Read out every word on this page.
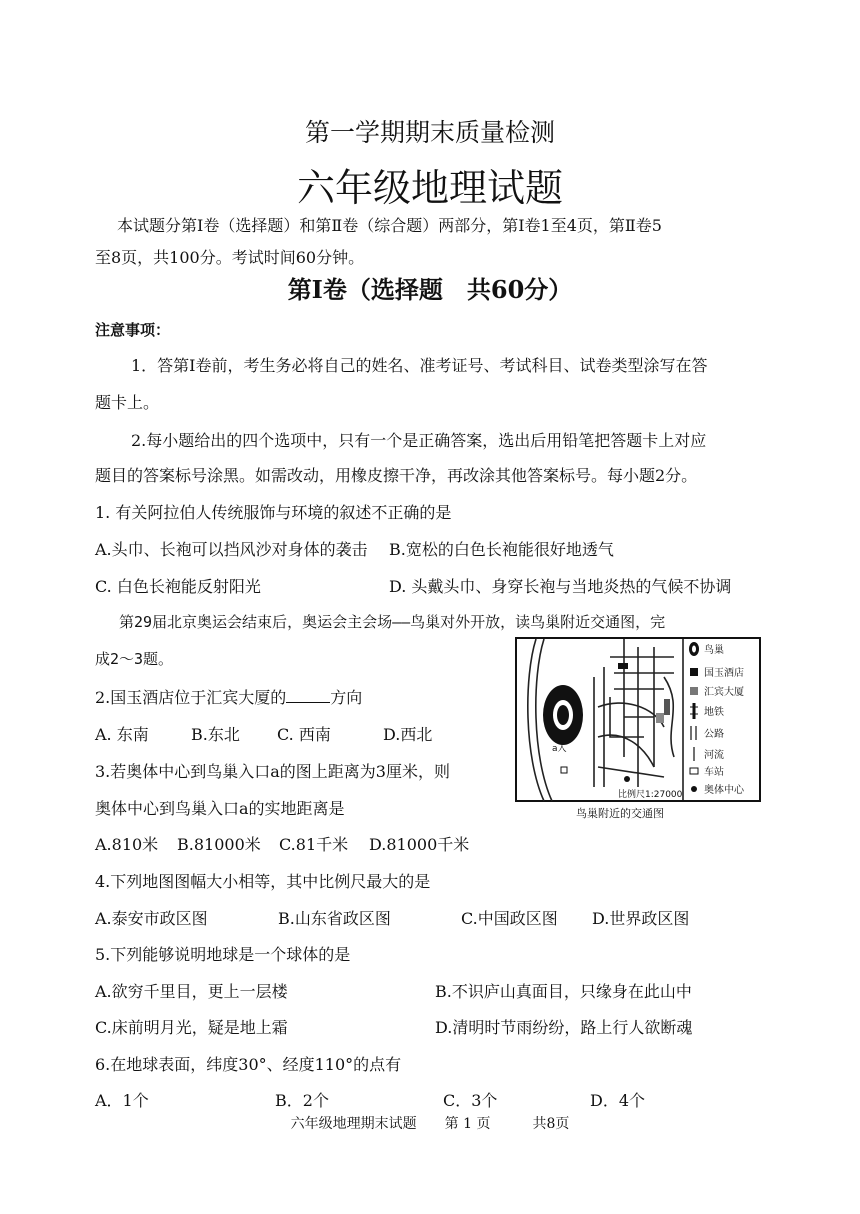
第一学期期末质量检测
六年级地理试题
本试题分第Ⅰ卷（选择题）和第Ⅱ卷（综合题）两部分，第Ⅰ卷1至4页，第Ⅱ卷5
至8页，共100分。考试时间60分钟。
第Ⅰ卷（选择题　共60分）
注意事项：
1．答第Ⅰ卷前，考生务必将自己的姓名、准考证号、考试科目、试卷类型涂写在答
题卡上。
2.每小题给出的四个选项中，只有一个是正确答案，选出后用铅笔把答题卡上对应
题目的答案标号涂黑。如需改动，用橡皮擦干净，再改涂其他答案标号。每小题2分。
1. 有关阿拉伯人传统服饰与环境的叙述不正确的是
A.头巾、长袍可以挡风沙对身体的袭击 B.宽松的白色长袍能很好地透气
C. 白色长袍能反射阳光	D. 头戴头巾、身穿长袍与当地炎热的气候不协调
第29届北京奥运会结束后，奥运会主会场——鸟巢对外开放，读鸟巢附近交通图，完
成2～3题。
2.国玉酒店位于汇宾大厦的	方向
A. 东南	B.东北 C. 西南	D.西北
3.若奥体中心到鸟巢入口a的图上距离为3厘米，则
奥体中心到鸟巢入口a的实地距离是
A.810米 B.81000米 C.81千米 D.81000千米
4.下列地图图幅大小相等，其中比例尺最大的是
A.泰安市政区图	B.山东省政区图	C.中国政区图 D.世界政区图
5.下列能够说明地球是一个球体的是
A.欲穷千里目，更上一层楼	B.不识庐山真面目，只缘身在此山中
C.床前明月光，疑是地上霜	D.清明时节雨纷纷，路上行人欲断魂
6.在地球表面，纬度30°、经度110°的点有
A．1个	B．2个	C．3个	D．4个
a入
比例尺1:27000
鸟巢
国玉酒店
汇宾大厦
地铁
公路
河流
车站
奥体中心
鸟巢附近的交通图
六年级地理期末试题　　第 1 页　　　共8页
